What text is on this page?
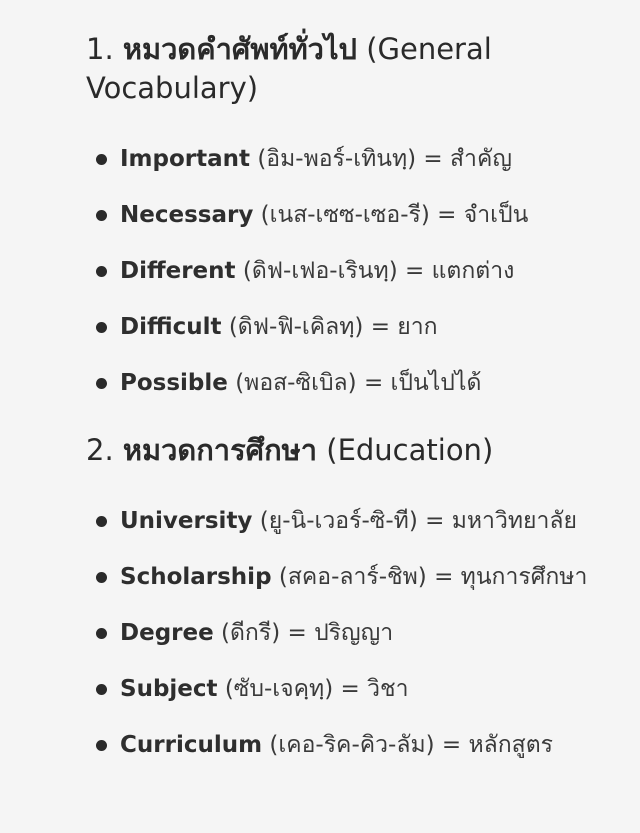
1. หมวดคำศัพท์ทั่วไป (General Vocabulary)
Important (อิม-พอร์-เทินทฺ) = สำคัญ
Necessary (เนส-เซซ-เซอ-รี) = จำเป็น
Different (ดิฟ-เฟอ-เรินทฺ) = แตกต่าง
Difficult (ดิฟ-ฟิ-เคิลทฺ) = ยาก
Possible (พอส-ซิเบิล) = เป็นไปได้
2. หมวดการศึกษา (Education)
University (ยู-นิ-เวอร์-ซิ-ที) = มหาวิทยาลัย
Scholarship (สคอ-ลาร์-ชิพ) = ทุนการศึกษา
Degree (ดีกรี) = ปริญญา
Subject (ซับ-เจคฺทฺ) = วิชา
Curriculum (เคอ-ริค-คิว-ลัม) = หลักสูตร
